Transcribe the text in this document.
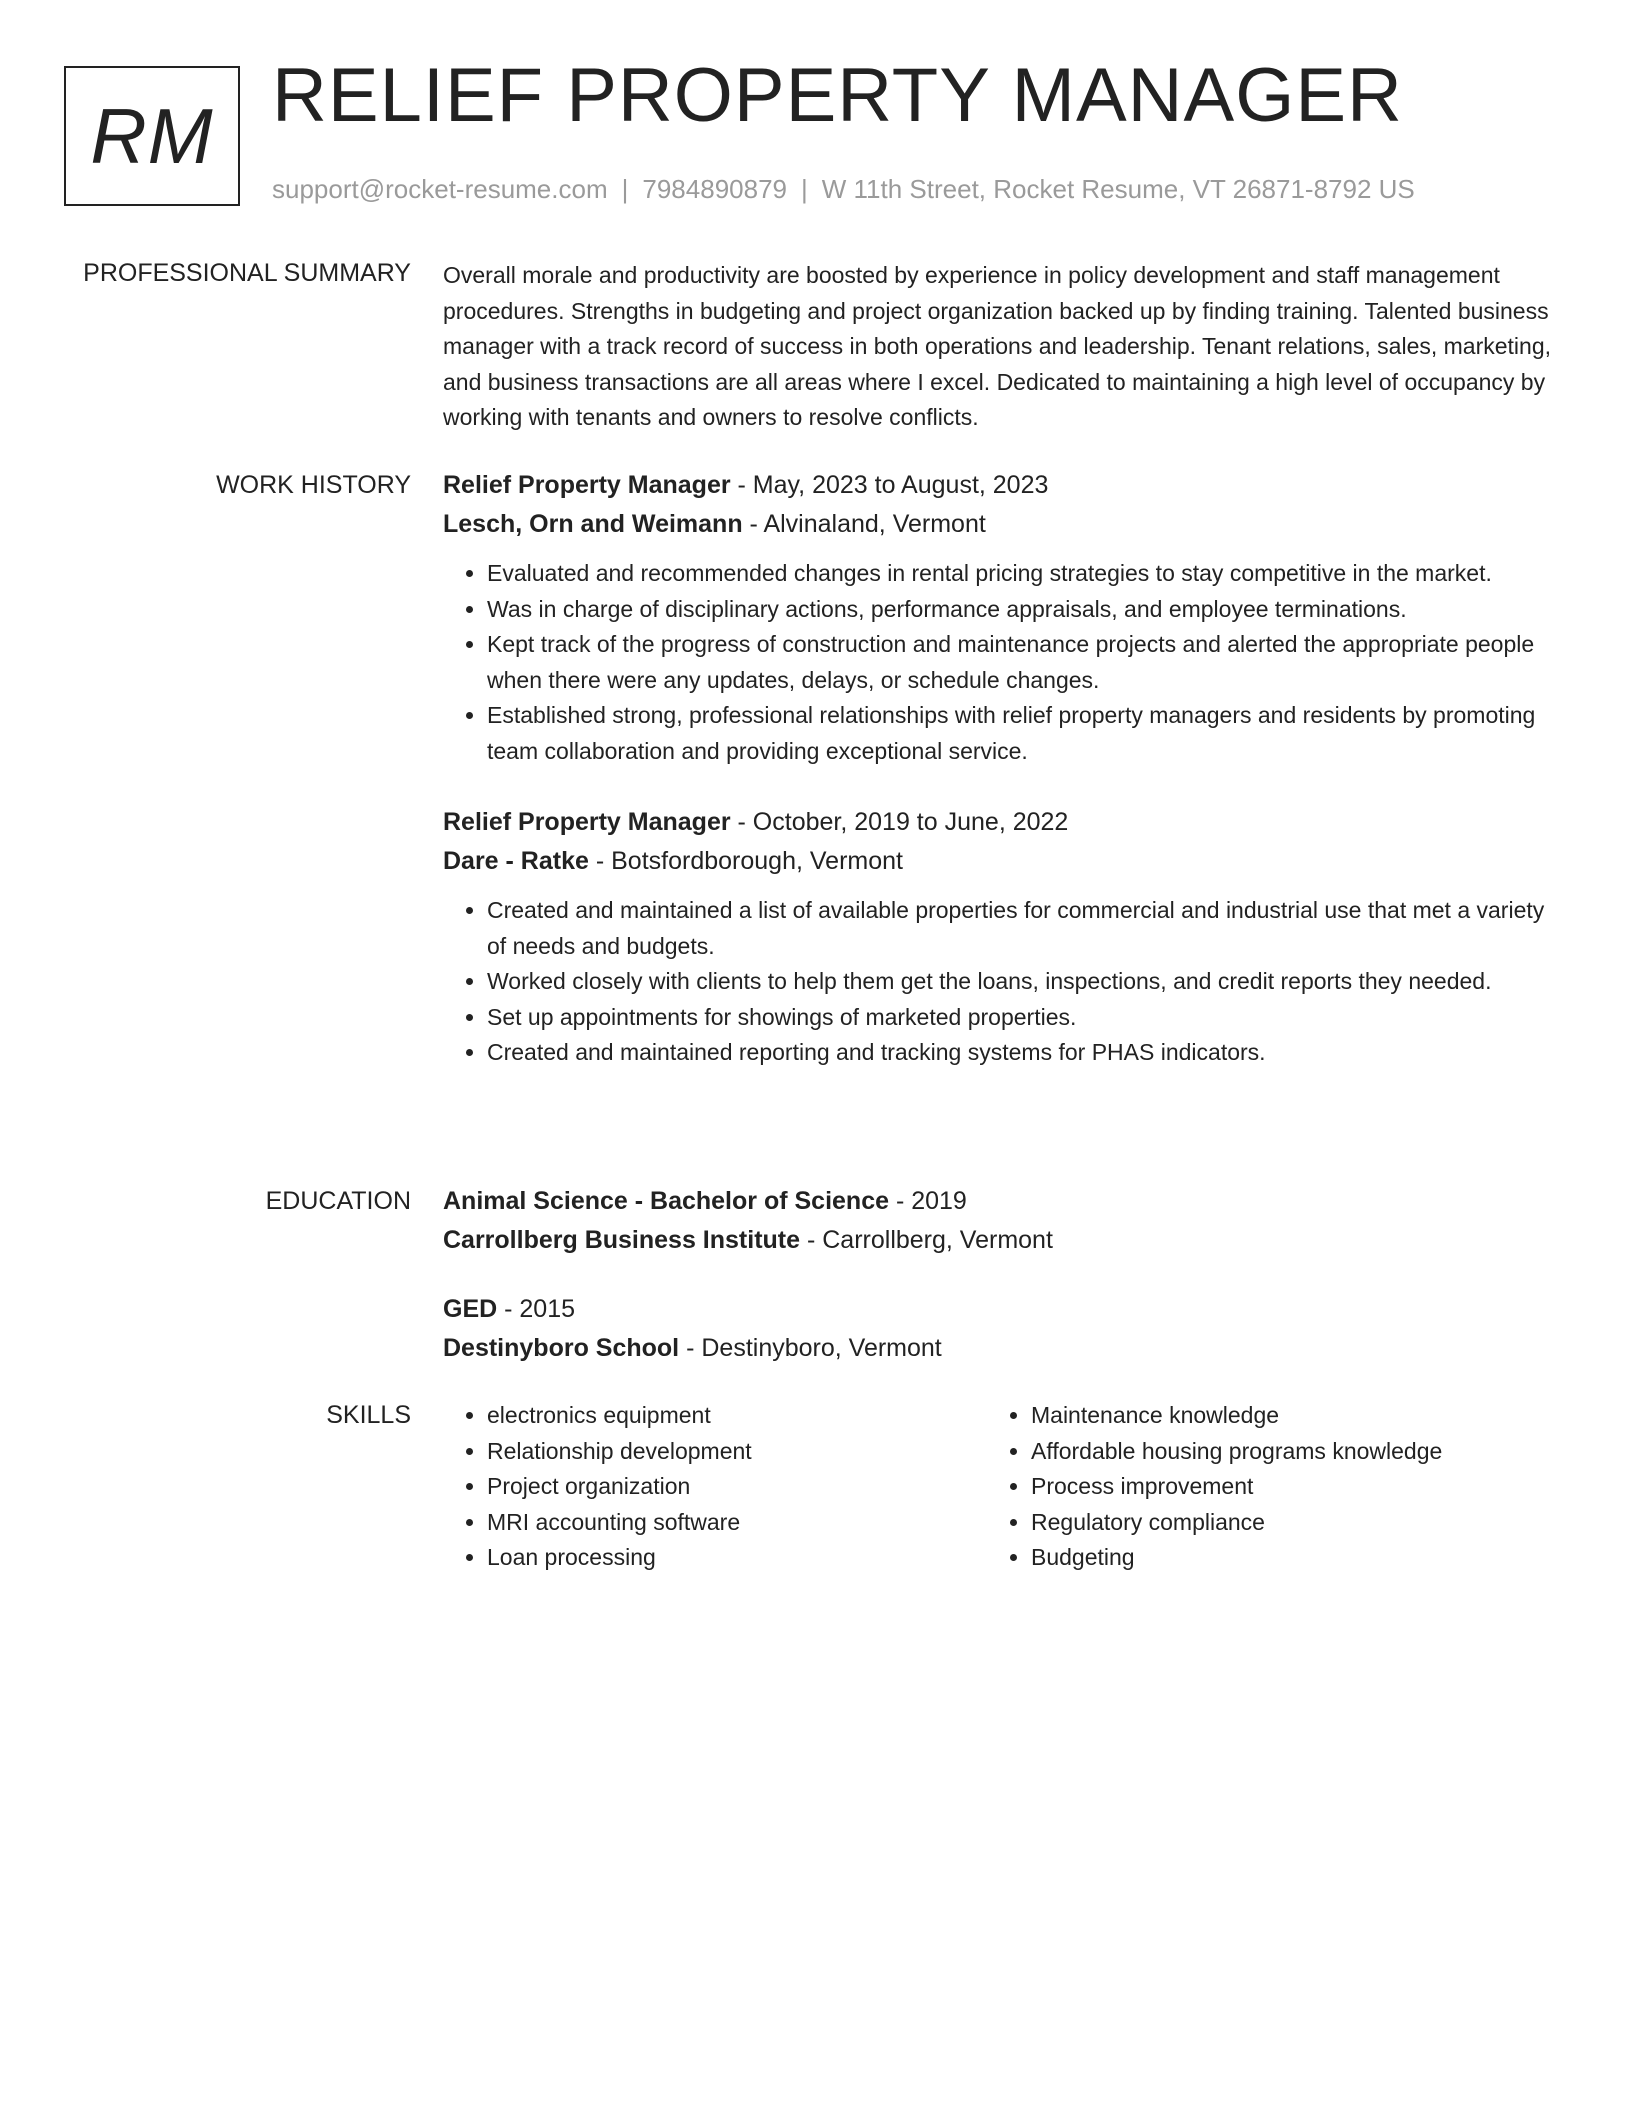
RM RELIEF PROPERTY MANAGER
support@rocket-resume.com | 7984890879 | W 11th Street, Rocket Resume, VT 26871-8792 US
PROFESSIONAL SUMMARY Overall morale and productivity are boosted by experience in policy development and staff management procedures. Strengths in budgeting and project organization backed up by finding training. Talented business manager with a track record of success in both operations and leadership. Tenant relations, sales, marketing, and business transactions are all areas where I excel. Dedicated to maintaining a high level of occupancy by working with tenants and owners to resolve conflicts.

WORK HISTORY Relief Property Manager - May, 2023 to August, 2023
Lesch, Orn and Weimann - Alvinaland, Vermont
• Evaluated and recommended changes in rental pricing strategies to stay competitive in the market.
• Was in charge of disciplinary actions, performance appraisals, and employee terminations.
• Kept track of the progress of construction and maintenance projects and alerted the appropriate people when there were any updates, delays, or schedule changes.
• Established strong, professional relationships with relief property managers and residents by promoting team collaboration and providing exceptional service.
Relief Property Manager - October, 2019 to June, 2022
Dare - Ratke - Botsfordborough, Vermont
• Created and maintained a list of available properties for commercial and industrial use that met a variety of needs and budgets.
• Worked closely with clients to help them get the loans, inspections, and credit reports they needed.
• Set up appointments for showings of marketed properties.
• Created and maintained reporting and tracking systems for PHAS indicators.
EDUCATION Animal Science - Bachelor of Science - 2019
Carrollberg Business Institute - Carrollberg, Vermont
GED - 2015
Destinyboro School - Destinyboro, Vermont
SKILLS
•	electronics equipment
• Relationship development
• Project organization
• MRI accounting software
• Loan processing
• Maintenance knowledge
• Affordable housing programs knowledge
• Process improvement
• Regulatory compliance
• Budgeting
